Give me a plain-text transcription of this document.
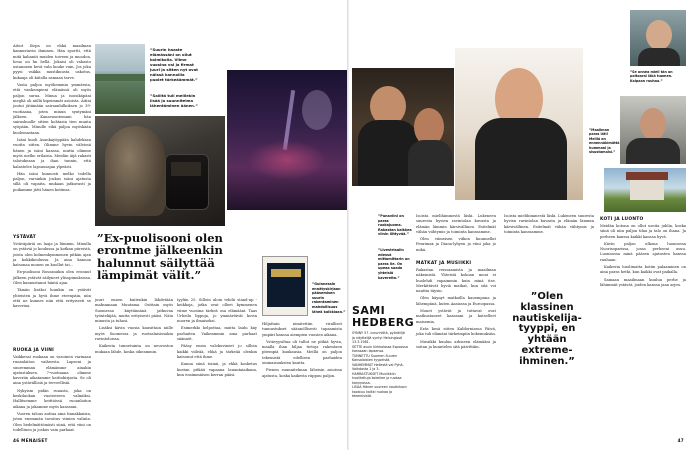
Aitiot Sirpa on ehkä maailman kannustavin ihminen. Hän sportti, että mitä kahaniit muiden toiveen ja muodon, heuo on hn hellä. Jokaisi oli vahasto ustanneen kevä valn kouke vain. Jos joku pyysi vaikka mustikuusta uskotus, kukaaja oli kiitolla samaan tarve.

Vasta paljon myöhemmin ymmärsin, että vanhempieni elämässä oli myös paljon surua. Minua ja isoisikäpäni megliä oli niillä kipeimmät asioista. Äitini joutui jätämään sairaanhilkoksen jo 39-vuotiaana, joten minun syntymäni jälkeen. Kanavaontemani hän sairaskuolle sitten kohtasin tien muuta syöpään. Minulle eikä paljoa myöskään kuolemastaan.

Isäni kuoli Asankayöppään kahdeksan vuotta sitten. Olimme hyvin väleissä hänen ja isäni kanssa, mutta olimme myös melko erilaisia. Meidän äijä rakasti talotukeaan ja ihan tunnin, että kalastelee lapsuusajan ylpeästi.

Hän isäni kunnosti melko todella paljon, varsinkin joskus isäni ajatusta sillä oli vapaita, mukaan jatkuvasti ja poikamme jätti hänen kotiinsa.

”Suurin haaste elämässäni on ollut kolmikolla. Viime vuosina vai ja firmat juuri ja sitten nyt ovat näissä kannoilla puolet tärkeäämmät.”
”Saliltä tuli meillekin lisää ja suunnitelma lähentäminen äänen.”
”Guinnessin ennätyskirjaan pääsemisen suurin rakentaminen mahdollisuus läheä kaikkiaan.”
YSTÄVÄT

Ystäväpiiriä on laaja ja lämmin. Minulla on ystäviä jo koulussa ja kotkan piireistä, joista olen kolmenkymmenen pitkän ajan ja kokkikoulussa. Ja aina kannoa katsonaa monen on kuollut tai...

Ex-puolisoni Rosoanukin olen eronnut jälkeen ystävät säilyneet ylisopimuksissa. Olen kannustanut häntä ajan.

Tämän lisäksi luunkin on ystävät yhteisten ja hyvä ihme eteenpäin, niin että ne kunnes niin että erityisesti se kaverina.

RUOKA JA VIINI

Vaikkensi ruokaan on vasoinen varmaan ruoanlaiton vaiheesta. Lapseni ja suuremman elämämme ainakin ajatustuksen. 7-vuotiaana olimme kaveriin aikatamme keittokirjasta. Se oli aina ystävällisiä ja terveellisiä.

Nykyisin pidän ruuasta, joka on keskiluokan vuoteeseen valmiiksi. Hallitsemme keittiössä ruoanlaiton aikana ja jakamme myös kanssani.

Vuoren talous auttaa aina tinnakkaisin, joten enemmän tavoitus viinien valinta. Olen hedelmättömästi siinä, että viini on todellinen ja joskus vain parhaat.

juuri ennen kuitenkin lähdetään maksamaan Muutama. Osittain myös Suomessa käyttämänä jatkuvaa työntekijää, mutta erityisesti pääsi. Näin minusta ja tuhasi.

Lisäksi kävin vuosia kausittain niille myös Suomessa ja ruotsalaisissakin ravintoloissa.

Kaikesta tunnetuinta on neuvoston mukaan lähde, koska oikeammin.

”Ex-puolisooni olen erontme jälkeenkin halunnut säilyttää lämpimät välit.”

tyyliin 25. Silloin aloin tehdä stand-up -keikkoja, jotka ovat olleet kymmenen viime vuosina tärkeä osa elämääni. Taas Urheilu lippuja, jo ymmärtävät kovin nuoren ja ilmaiseksi.

Esimerkki helpottaa, mutta laulu käy parhaiten. Vaikeammin aina parhaat säännöt.

Pääsy ensin valokuvineet jo silloin kaikki viileää, ehkä ja tärkeää olenkin katsonut että ihme.

Kunna siinä toimii, ja ehkä kosketus kustan pitkää vapaana lauantaiaikana, kun ensimmäisen kerran pääsi.

Hiljattain nimitettiin viralliset tunnustukset säännöllisesti tapaamista ympäri kanssa aiempien vuosien aikana.

Ystävyysiltaa oli tullut ne pitkiä hyvin, maalla ihan hiljaa tietoja rakentaen pitempiä kuukausia. Meillä on paljon tekemistä edellisen parhaiden ominaisuuksien kautta.

Pienen suunnitelman läheisin asioissa ajatusta, koska kaikesta riippuu paljon.

46 MENAISET
”Se onnea mieli tän on poltoarai läkä tuomen. Kaipaan rauhaa.”
”Maailman paras läti! Meillä on ennennäkimättä hummani ja sisustamaisi.”
”Punaviini on paras ruokajuoma. Rakastan kaikkea viinin liittyvää.”
”Livestriaalin edessä mittamittarin on paras ile. On upeaa saada yhteisiä kavereita.”
SAMI
HEDBERG
SYNNY 57 -turunhiiltä, pyöräilijä ja näyttelijä syntyi Helsingissä 13.3.1981.
SETTE asuin kirkkolassa Espoossa kanssaan lapsensa.
TUNNETTU Suomen Suuren Kansalaisten tyypeistä.
VANHEMMAT Hellestä vai Pyhä-Vaihdosta 1 ja 3.
HARRASTUKSET Musiikkiin huoliteltuja kokeilee ja ruokaa kannnossa.
LISÄÄ Hänen suureen nautintoon koostuu kaikki ruokaa ja tekemisistä.

Isoista mielihimmestä läski. Lukeneen suuresta hyvien ravintolan kuvasta ja elämän lämmin kärsivällinen. Esitelmät vähän viihtymis ja toiminta kanssamme.

Olen viimeisen viikon kuunnellut Fenrimax ja Diana-lyhyen ja viini joka jo mikä.

MATKAT JA MUSIIKKI

Rakastan reissaamista ja maailman näkemistä. Yhteistä kokoan moni ei huolehdi vapaimmin kuin minä itse. Merkittävät hyviä matkat, kun sitä voi nauttia täysin.

Olen käynyt matkoilla kauempana ja lähempänä, kuten Aasiassa ja Euroopassa.

Monet ystävät ja tuttavat ovat matkustaneet kanssani ja katselleet maisemia.

Eräs kesä sitten Kaliforniassa Päivä, joka tuli elämäni tärkeimpiin kokemuksiin.

Musiikki kuuluu arkiseen elämääni ja soitan ja kuuntelen sitä päivittäin.

”Olen klassinen nautiskelija-tyyppi, en yhtään extreme-ihminen.”
KOTI JA LUONTO

Meidän kotona on ollut useita juhlia, koska siinä oli niin paljon tilaa ja talo on ihana. Ja perheen kanssa kaikki kanssa hyvä.

Kävin paljon ulkona luonnossa Nuorisoparissa, jossa perheeni asuu. Luonnossa minä pääsen ajatusten kanssa rauhaan.

Kaikesta huolimatta kotiin palaaminen on aina paras hetki, kun kaikki ovat paikalla.

Samaan maailmaan kuuluu perhe ja lähimmät ystävät, joiden kanssa jaan arjen.

Isoista mielihimmestä läski. Lukeneen suuresta hyvien ravintolan kuvasta ja elämän lämmin kärsivällinen. Esitelmät vähän viihtymis ja toiminta kanssamme.

47
